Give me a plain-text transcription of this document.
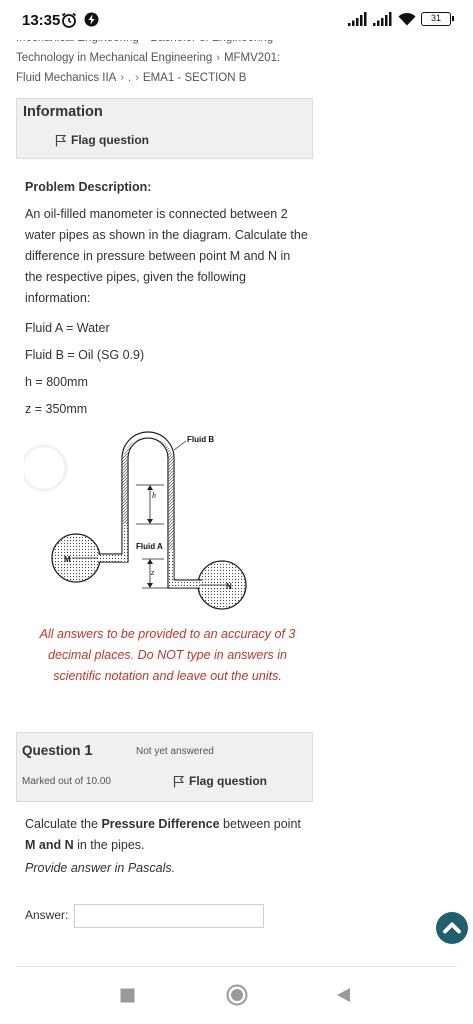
13:35	31
Technology in Mechanical Engineering › MFMV201:
Fluid Mechanics IIA › . › EMA1 - SECTION B
Information
Flag question
Problem Description:
An oil-filled manometer is connected between 2 water pipes as shown in the diagram. Calculate the difference in pressure between point M and N in the respective pipes, given the following information:
Fluid A = Water
Fluid B = Oil (SG 0.9)
h = 800mm
z = 350mm
Fluid B
Fluid A
h
z
M
N
All answers to be provided to an accuracy of 3 decimal places. Do NOT type in answers in scientific notation and leave out the units.
Question 1	Not yet answered
Marked out of 10.00	Flag question
Calculate the Pressure Difference between point M and N in the pipes.
Provide answer in Pascals.
Answer:
